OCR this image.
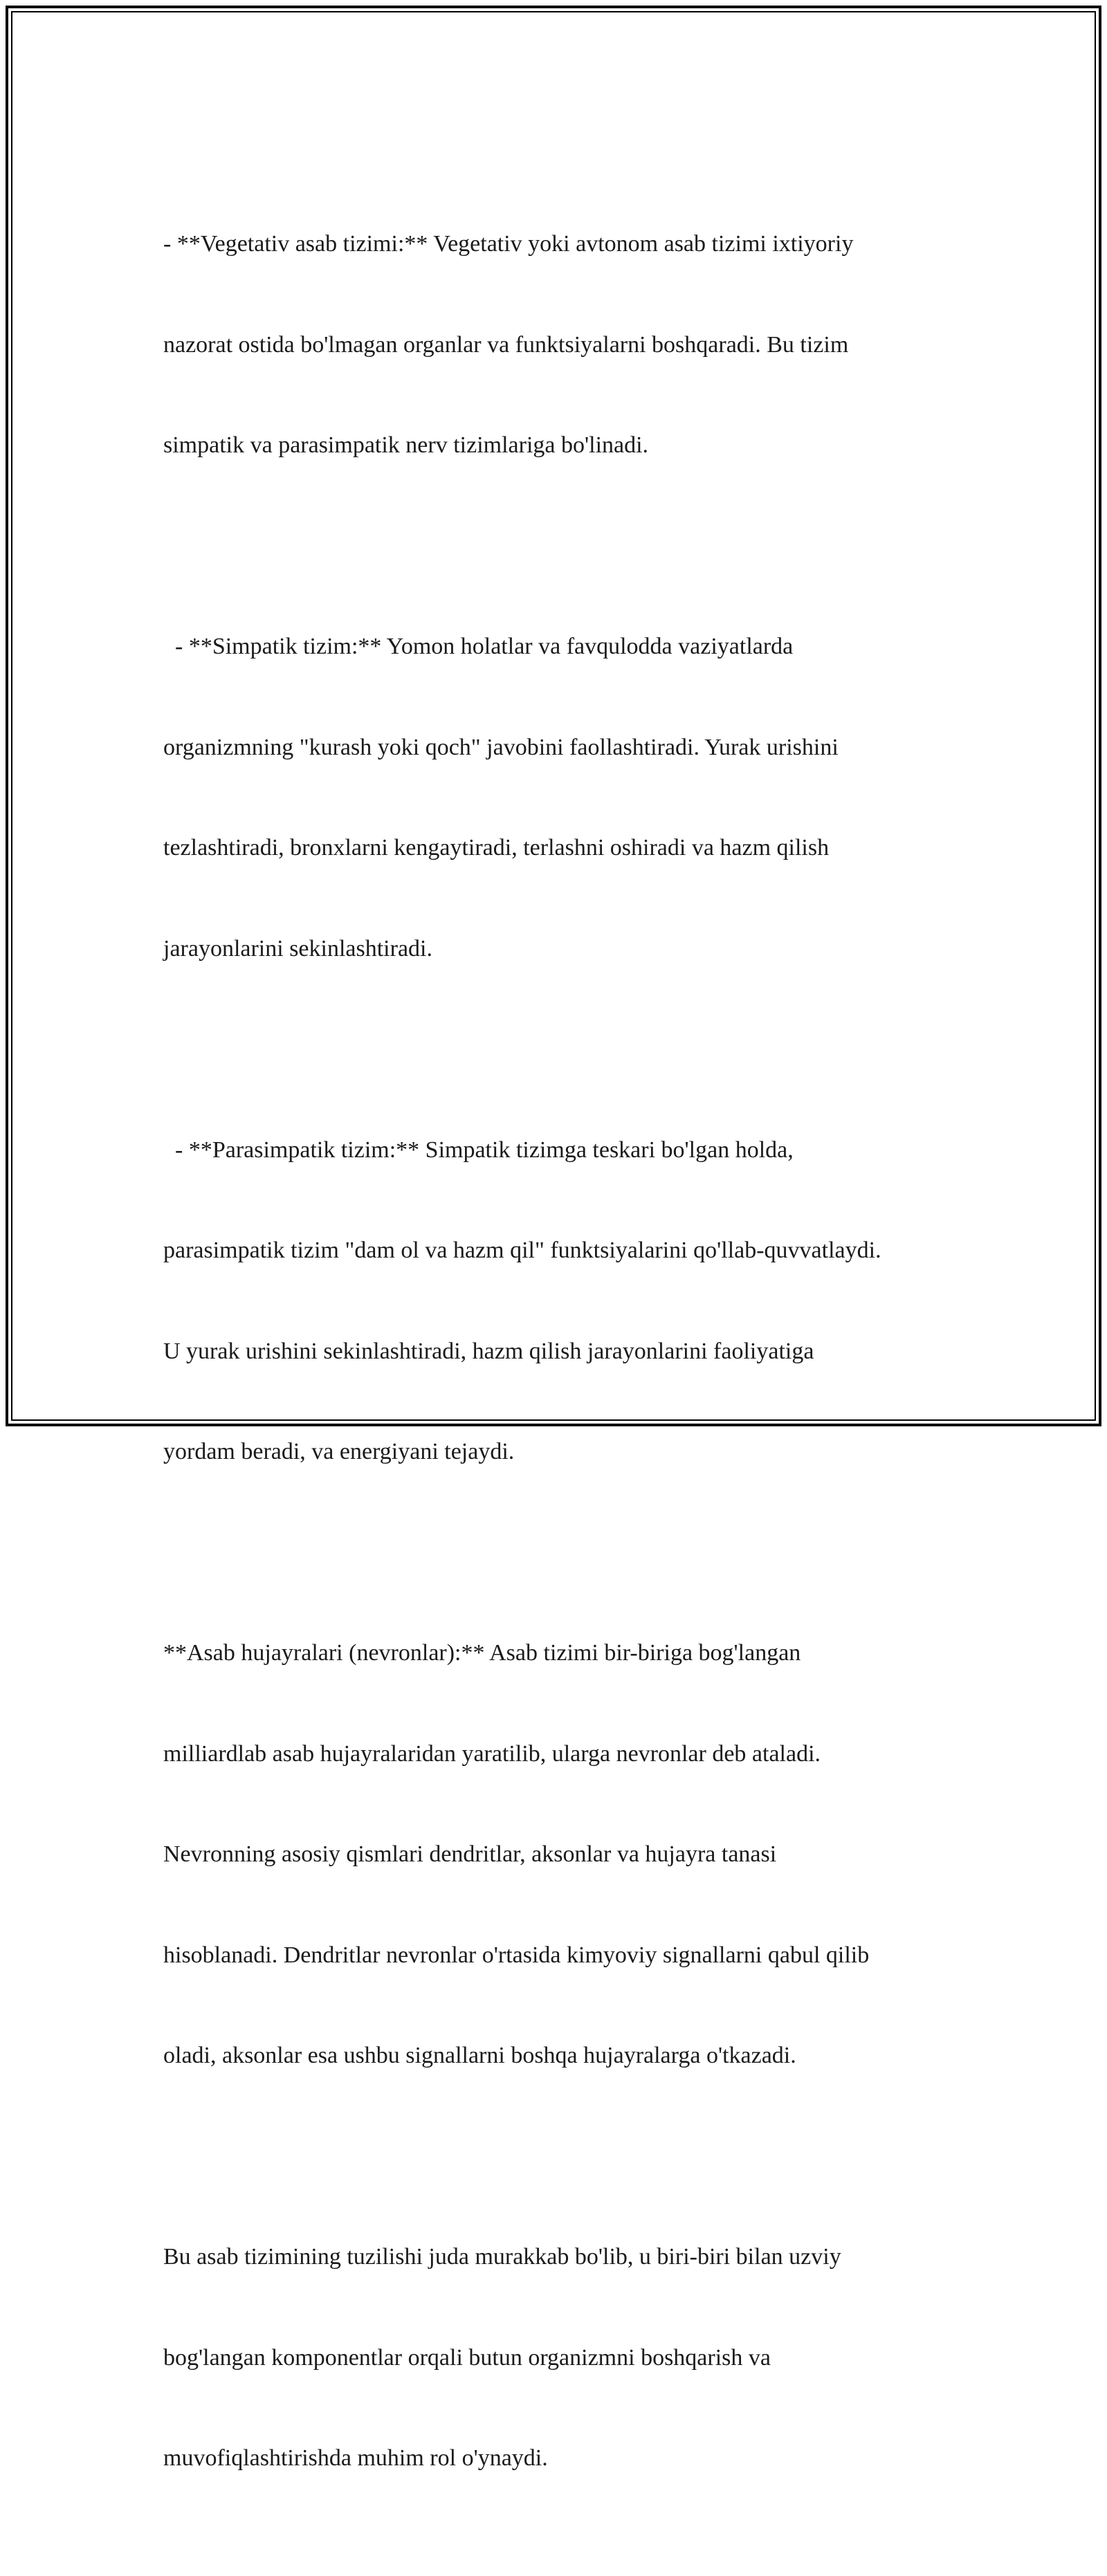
- **Vegetativ asab tizimi:** Vegetativ yoki avtonom asab tizimi ixtiyoriy

nazorat ostida bo'lmagan organlar va funktsiyalarni boshqaradi. Bu tizim

simpatik va parasimpatik nerv tizimlariga bo'linadi.

- **Simpatik tizim:** Yomon holatlar va favqulodda vaziyatlarda

organizmning "kurash yoki qoch" javobini faollashtiradi. Yurak urishini

tezlashtiradi, bronxlarni kengaytiradi, terlashni oshiradi va hazm qilish

jarayonlarini sekinlashtiradi.

- **Parasimpatik tizim:** Simpatik tizimga teskari bo'lgan holda,

parasimpatik tizim "dam ol va hazm qil" funktsiyalarini qo'llab-quvvatlaydi.

U yurak urishini sekinlashtiradi, hazm qilish jarayonlarini faoliyatiga

yordam beradi, va energiyani tejaydi.

**Asab hujayralari (nevronlar):** Asab tizimi bir-biriga bog'langan

milliardlab asab hujayralaridan yaratilib, ularga nevronlar deb ataladi.

Nevronning asosiy qismlari dendritlar, aksonlar va hujayra tanasi

hisoblanadi. Dendritlar nevronlar o'rtasida kimyoviy signallarni qabul qilib

oladi, aksonlar esa ushbu signallarni boshqa hujayralarga o'tkazadi.

Bu asab tizimining tuzilishi juda murakkab bo'lib, u biri-biri bilan uzviy

bog'langan komponentlar orqali butun organizmni boshqarish va

muvofiqlashtirishda muhim rol o'ynaydi.
